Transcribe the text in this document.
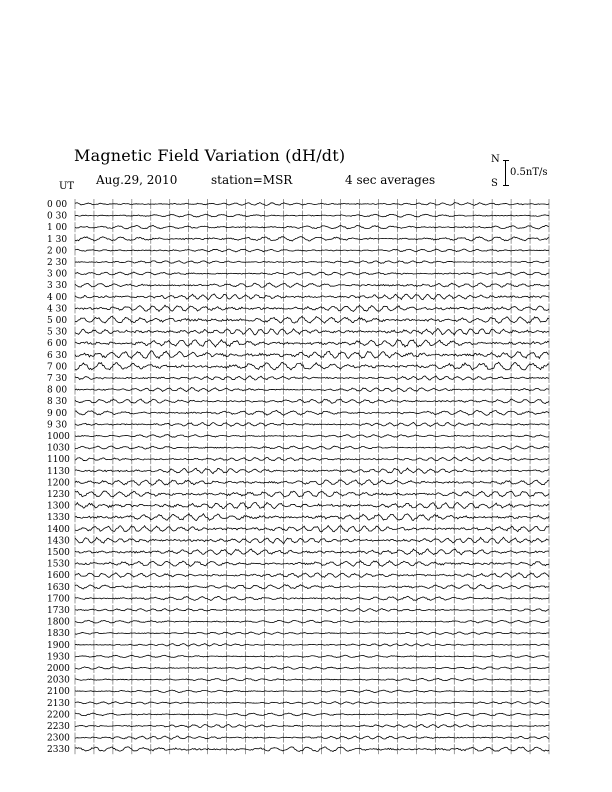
Magnetic Field Variation (dH/dt)
Aug.29, 2010	station=MSR	4 sec averages
UT
N
S
0.5nT/s
0 00
0 30
1 00
1 30
2 00
2 30
3 00
3 30
4 00
4 30
5 00
5 30
6 00
6 30
7 00
7 30
8 00
8 30
9 00
9 30
1000
1030
1100
1130
1200
1230
1300
1330
1400
1430
1500
1530
1600
1630
1700
1730
1800
1830
1900
1930
2000
2030
2100
2130
2200
2230
2300
2330
